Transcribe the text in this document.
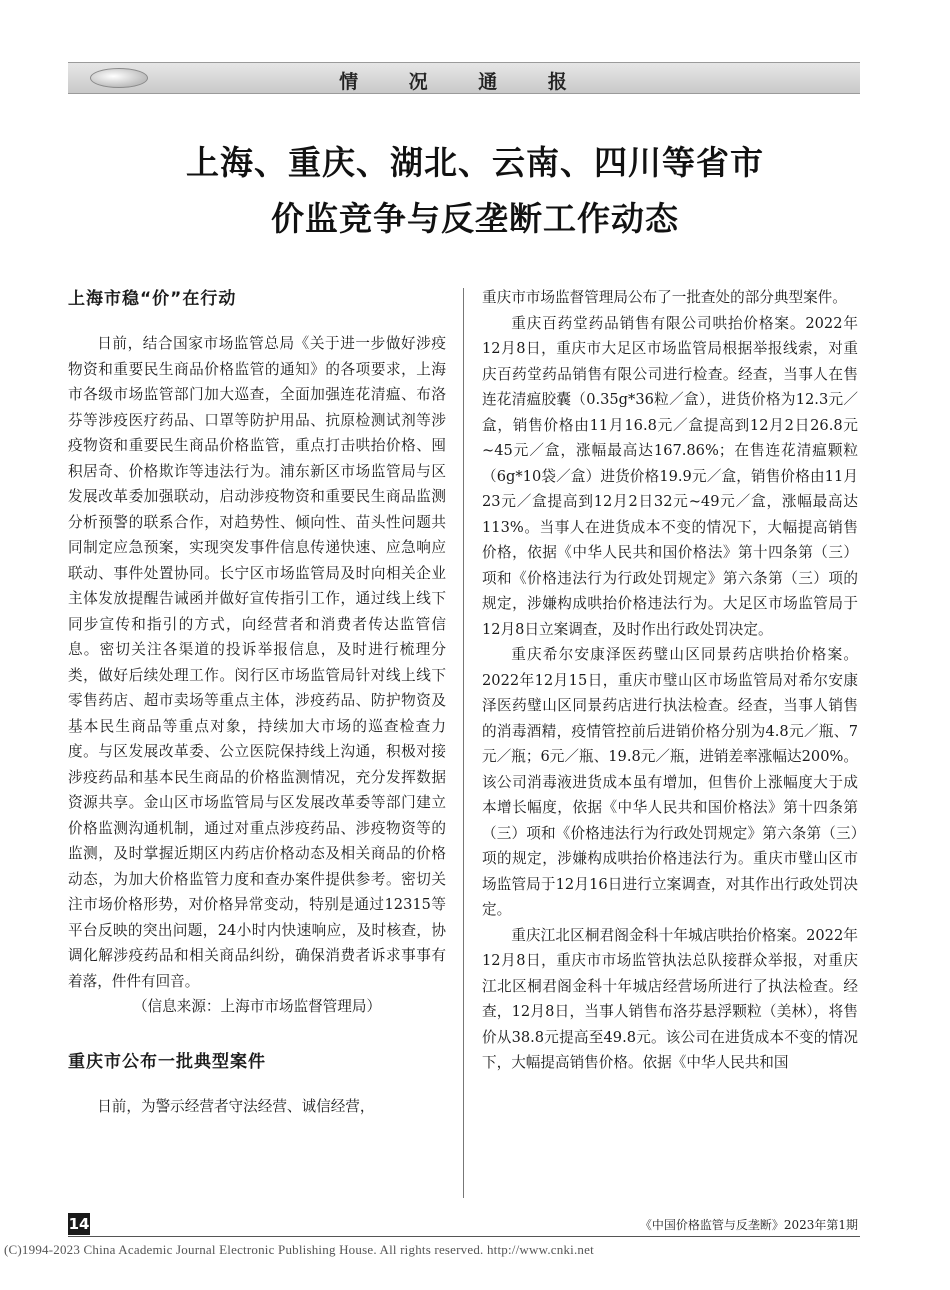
情 况 通 报
上海、重庆、湖北、云南、四川等省市
价监竞争与反垄断工作动态
上海市稳“价”在行动

日前，结合国家市场监管总局《关于进一步做好涉疫物资和重要民生商品价格监管的通知》的各项要求，上海市各级市场监管部门加大巡查，全面加强连花清瘟、布洛芬等涉疫医疗药品、口罩等防护用品、抗原检测试剂等涉疫物资和重要民生商品价格监管，重点打击哄抬价格、囤积居奇、价格欺诈等违法行为。浦东新区市场监管局与区发展改革委加强联动，启动涉疫物资和重要民生商品监测分析预警的联系合作，对趋势性、倾向性、苗头性问题共同制定应急预案，实现突发事件信息传递快速、应急响应联动、事件处置协同。长宁区市场监管局及时向相关企业主体发放提醒告诫函并做好宣传指引工作，通过线上线下同步宣传和指引的方式，向经营者和消费者传达监管信息。密切关注各渠道的投诉举报信息，及时进行梳理分类，做好后续处理工作。闵行区市场监管局针对线上线下零售药店、超市卖场等重点主体，涉疫药品、防护物资及基本民生商品等重点对象，持续加大市场的巡查检查力度。与区发展改革委、公立医院保持线上沟通，积极对接涉疫药品和基本民生商品的价格监测情况，充分发挥数据资源共享。金山区市场监管局与区发展改革委等部门建立价格监测沟通机制，通过对重点涉疫药品、涉疫物资等的监测，及时掌握近期区内药店价格动态及相关商品的价格动态，为加大价格监管力度和查办案件提供参考。密切关注市场价格形势，对价格异常变动，特别是通过12315等平台反映的突出问题，24小时内快速响应，及时核查，协调化解涉疫药品和相关商品纠纷，确保消费者诉求事事有着落，件件有回音。

（信息来源：上海市市场监督管理局）

重庆市公布一批典型案件

日前，为警示经营者守法经营、诚信经营，

重庆市市场监督管理局公布了一批查处的部分典型案件。

重庆百药堂药品销售有限公司哄抬价格案。2022年12月8日，重庆市大足区市场监管局根据举报线索，对重庆百药堂药品销售有限公司进行检查。经查，当事人在售连花清瘟胶囊（0.35g*36粒／盒），进货价格为12.3元／盒，销售价格由11月16.8元／盒提高到12月2日26.8元~45元／盒，涨幅最高达167.86%；在售连花清瘟颗粒（6g*10袋／盒）进货价格19.9元／盒，销售价格由11月23元／盒提高到12月2日32元~49元／盒，涨幅最高达113%。当事人在进货成本不变的情况下，大幅提高销售价格，依据《中华人民共和国价格法》第十四条第（三）项和《价格违法行为行政处罚规定》第六条第（三）项的规定，涉嫌构成哄抬价格违法行为。大足区市场监管局于12月8日立案调查，及时作出行政处罚决定。

重庆希尔安康泽医药璧山区同景药店哄抬价格案。2022年12月15日，重庆市璧山区市场监管局对希尔安康泽医药璧山区同景药店进行执法检查。经查，当事人销售的消毒酒精，疫情管控前后进销价格分别为4.8元／瓶、7元／瓶；6元／瓶、19.8元／瓶，进销差率涨幅达200%。该公司消毒液进货成本虽有增加，但售价上涨幅度大于成本增长幅度，依据《中华人民共和国价格法》第十四条第（三）项和《价格违法行为行政处罚规定》第六条第（三）项的规定，涉嫌构成哄抬价格违法行为。重庆市璧山区市场监管局于12月16日进行立案调查，对其作出行政处罚决定。

重庆江北区桐君阁金科十年城店哄抬价格案。2022年12月8日，重庆市市场监管执法总队接群众举报，对重庆江北区桐君阁金科十年城店经营场所进行了执法检查。经查，12月8日，当事人销售布洛芬悬浮颗粒（美林），将售价从38.8元提高至49.8元。该公司在进货成本不变的情况下，大幅提高销售价格。依据《中华人民共和国

14	《中国价格监管与反垄断》2023年第1期
(C)1994-2023 China Academic Journal Electronic Publishing House. All rights reserved. http://www.cnki.net
